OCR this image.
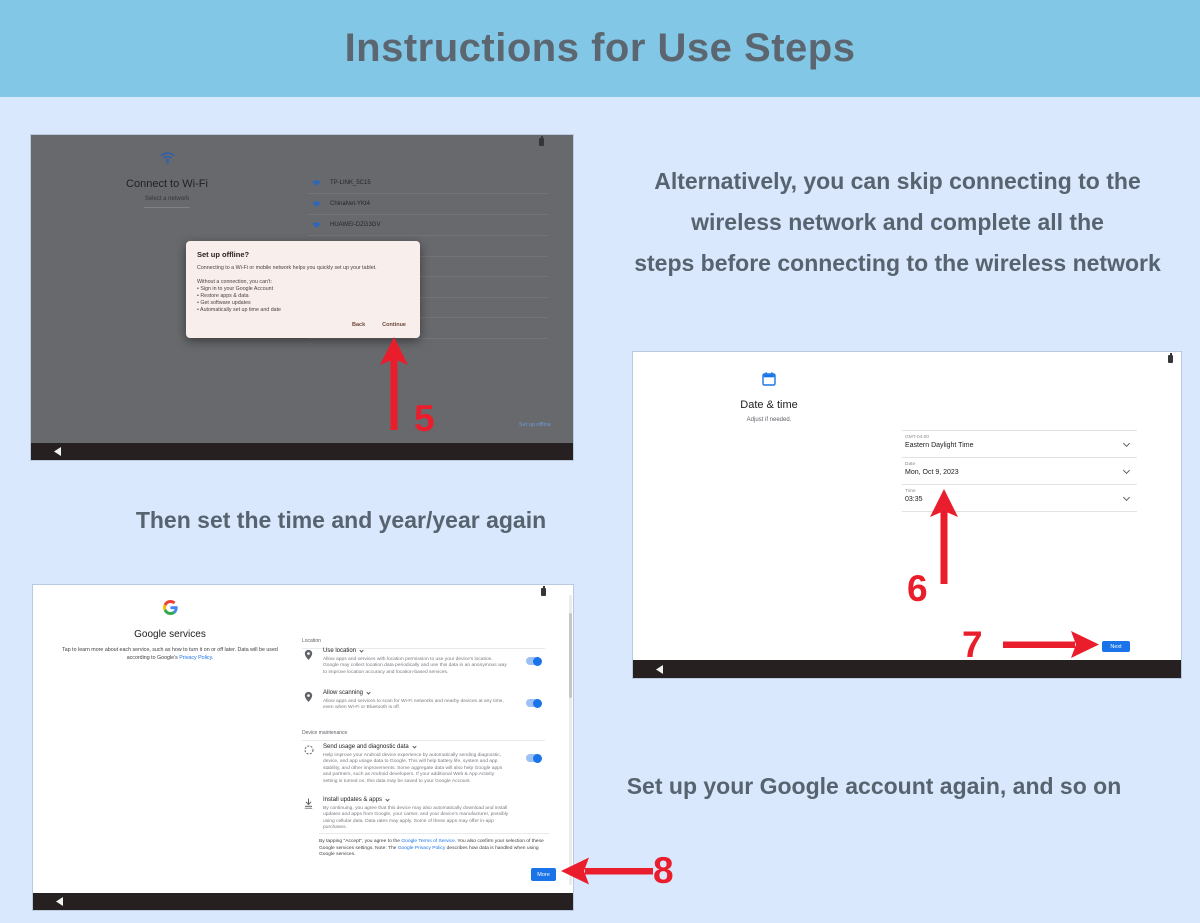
Instructions for Use Steps
Connect to Wi-Fi
Select a network
TP-LINK_5C15
ChinaNet-YKt4
HUAWEI-DZG3GV
Set up offline?
Connecting to a Wi-Fi or mobile network helps you quickly set up your tablet.
Without a connection, you can't:
• Sign in to your Google Account
• Restore apps & data
• Get software updates
• Automatically set up time and date
Back	Continue
Set up offline
5
Alternatively, you can skip connecting to the
wireless network and complete all the
steps before connecting to the wireless network
Date & time
Adjust if needed.
GMT-04:00
Eastern Daylight Time
Date
Mon, Oct 9, 2023
Time
03:35
Next
6
7
Then set the time and year/year again
Google services
Tap to learn more about each service, such as how to turn it on or off later. Data will be used
according to Google's Privacy Policy.
Location
Use location
Allow apps and services with location permission to use your device's location. Google may collect location data periodically and use this data in an anonymous way to improve location accuracy and location-based services.
Allow scanning
Allow apps and services to scan for Wi-Fi networks and nearby devices at any time, even when Wi-Fi or Bluetooth is off.
Device maintenance
Send usage and diagnostic data
Help improve your Android device experience by automatically sending diagnostic, device, and app usage data to Google. This will help battery life, system and app stability, and other improvements. Some aggregate data will also help Google apps and partners, such as Android developers. If your additional Web & App Activity setting is turned on, this data may be saved to your Google Account.
Install updates & apps
By continuing, you agree that this device may also automatically download and install updates and apps from Google, your carrier, and your device's manufacturer, possibly using cellular data. Data rates may apply. Some of these apps may offer in-app purchases.
By tapping "Accept", you agree to the Google Terms of Service. You also confirm your selection of these Google services settings. Note: The Google Privacy Policy describes how data is handled when using Google services.
More
Set up your Google account again, and so on
8
